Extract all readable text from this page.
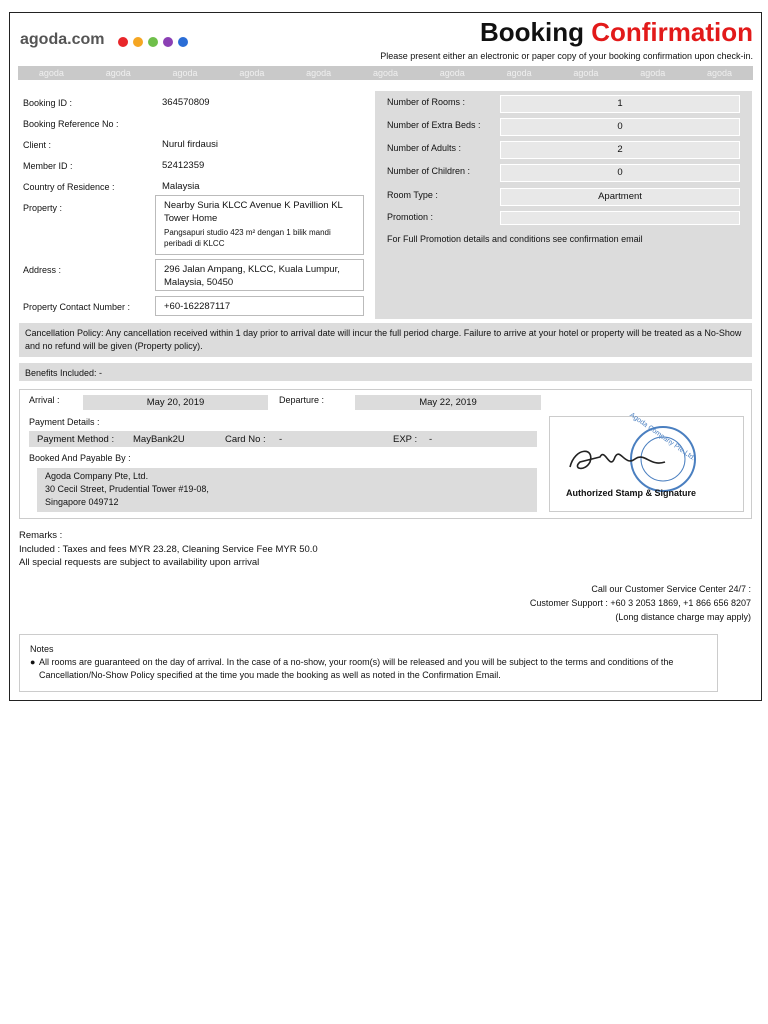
agoda.com	Booking Confirmation
Please present either an electronic or paper copy of your booking confirmation upon check-in.
agoda	agoda	agoda	agoda	agoda	agoda	agoda	agoda	agoda	agoda	agoda
Booking ID :	364570809
Booking Reference No :
Client :	Nurul firdausi
Member ID :	52412359
Country of Residence :	Malaysia
Property :	Nearby Suria KLCC Avenue K Pavillion KL Tower Home
Pangsapuri studio 423 m² dengan 1 bilik mandi peribadi di KLCC
Address :	296 Jalan Ampang, KLCC, Kuala Lumpur, Malaysia, 50450
Property Contact Number :	+60-162287117
Number of Rooms :	1
Number of Extra Beds :	0
Number of Adults :	2
Number of Children :	0
Room Type :	Apartment
Promotion :
For Full Promotion details and conditions see confirmation email
Cancellation Policy: Any cancellation received within 1 day prior to arrival date will incur the full period charge. Failure to arrive at your hotel or property will be treated as a No-Show and no refund will be given (Property policy).
Benefits Included: -
Arrival :	May 20, 2019	Departure :	May 22, 2019
Payment Details :
Payment Method : MayBank2U	Card No : -	EXP : -
Booked And Payable By :
Agoda Company Pte, Ltd.
30 Cecil Street, Prudential Tower #19-08,
Singapore 049712
Agoda Company Pte.Ltd.
Authorized Stamp & Signature
Remarks :
Included : Taxes and fees MYR 23.28, Cleaning Service Fee MYR 50.0
All special requests are subject to availability upon arrival
Call our Customer Service Center 24/7 :
Customer Support : +60 3 2053 1869, +1 866 656 8207
(Long distance charge may apply)
Notes
● All rooms are guaranteed on the day of arrival. In the case of a no-show, your room(s) will be released and you will be subject to the terms and conditions of the Cancellation/No-Show Policy specified at the time you made the booking as well as noted in the Confirmation Email.
